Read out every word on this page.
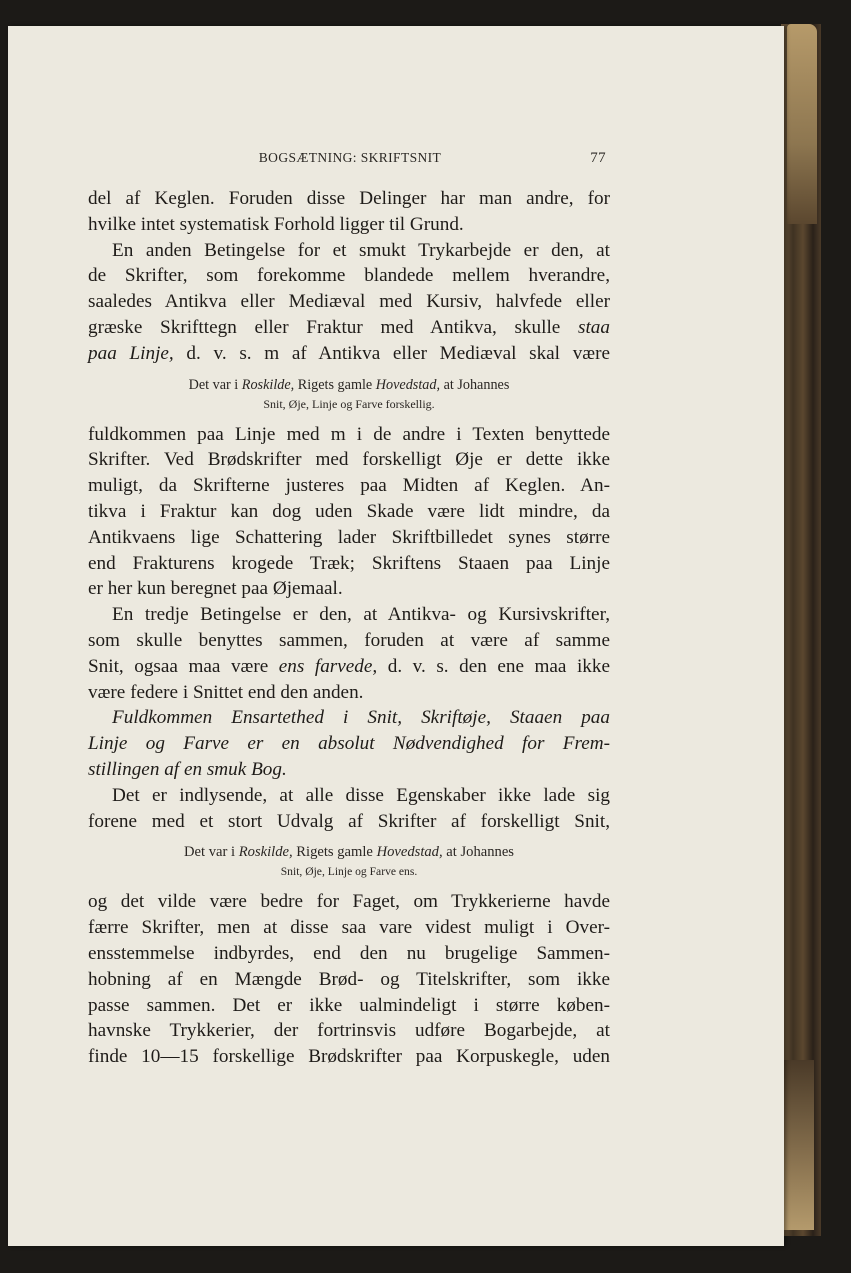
BOGSÆTNING: SKRIFTSNIT	77

del af Keglen. Foruden disse Delinger har man andre, for
hvilke intet systematisk Forhold ligger til Grund.

En anden Betingelse for et smukt Trykarbejde er den, at
de Skrifter, som forekomme blandede mellem hverandre,
saaledes Antikva eller Mediæval med Kursiv, halvfede eller
græske Skrifttegn eller Fraktur med Antikva, skulle staa
paa Linje, d. v. s. m af Antikva eller Mediæval skal være

Det var i Roskilde, Rigets gamle Hovedstad, at Johannes
Snit, Øje, Linje og Farve forskellig.

fuldkommen paa Linje med m i de andre i Texten benyttede
Skrifter. Ved Brødskrifter med forskelligt Øje er dette ikke
muligt, da Skrifterne justeres paa Midten af Keglen. An-
tikva i Fraktur kan dog uden Skade være lidt mindre, da
Antikvaens lige Schattering lader Skriftbilledet synes større
end Frakturens krogede Træk; Skriftens Staaen paa Linje
er her kun beregnet paa Øjemaal.

En tredje Betingelse er den, at Antikva- og Kursivskrifter,
som skulle benyttes sammen, foruden at være af samme
Snit, ogsaa maa være ens farvede, d. v. s. den ene maa ikke
være federe i Snittet end den anden.

Fuldkommen Ensartethed i Snit, Skriftøje, Staaen paa
Linje og Farve er en absolut Nødvendighed for Frem-
stillingen af en smuk Bog.

Det er indlysende, at alle disse Egenskaber ikke lade sig
forene med et stort Udvalg af Skrifter af forskelligt Snit,

Det var i Roskilde, Rigets gamle Hovedstad, at Johannes
Snit, Øje, Linje og Farve ens.

og det vilde være bedre for Faget, om Trykkerierne havde
færre Skrifter, men at disse saa vare videst muligt i Over-
ensstemmelse indbyrdes, end den nu brugelige Sammen-
hobning af en Mængde Brød- og Titelskrifter, som ikke
passe sammen. Det er ikke ualmindeligt i større køben-
havnske Trykkerier, der fortrinsvis udføre Bogarbejde, at
finde 10—15 forskellige Brødskrifter paa Korpuskegle, uden
